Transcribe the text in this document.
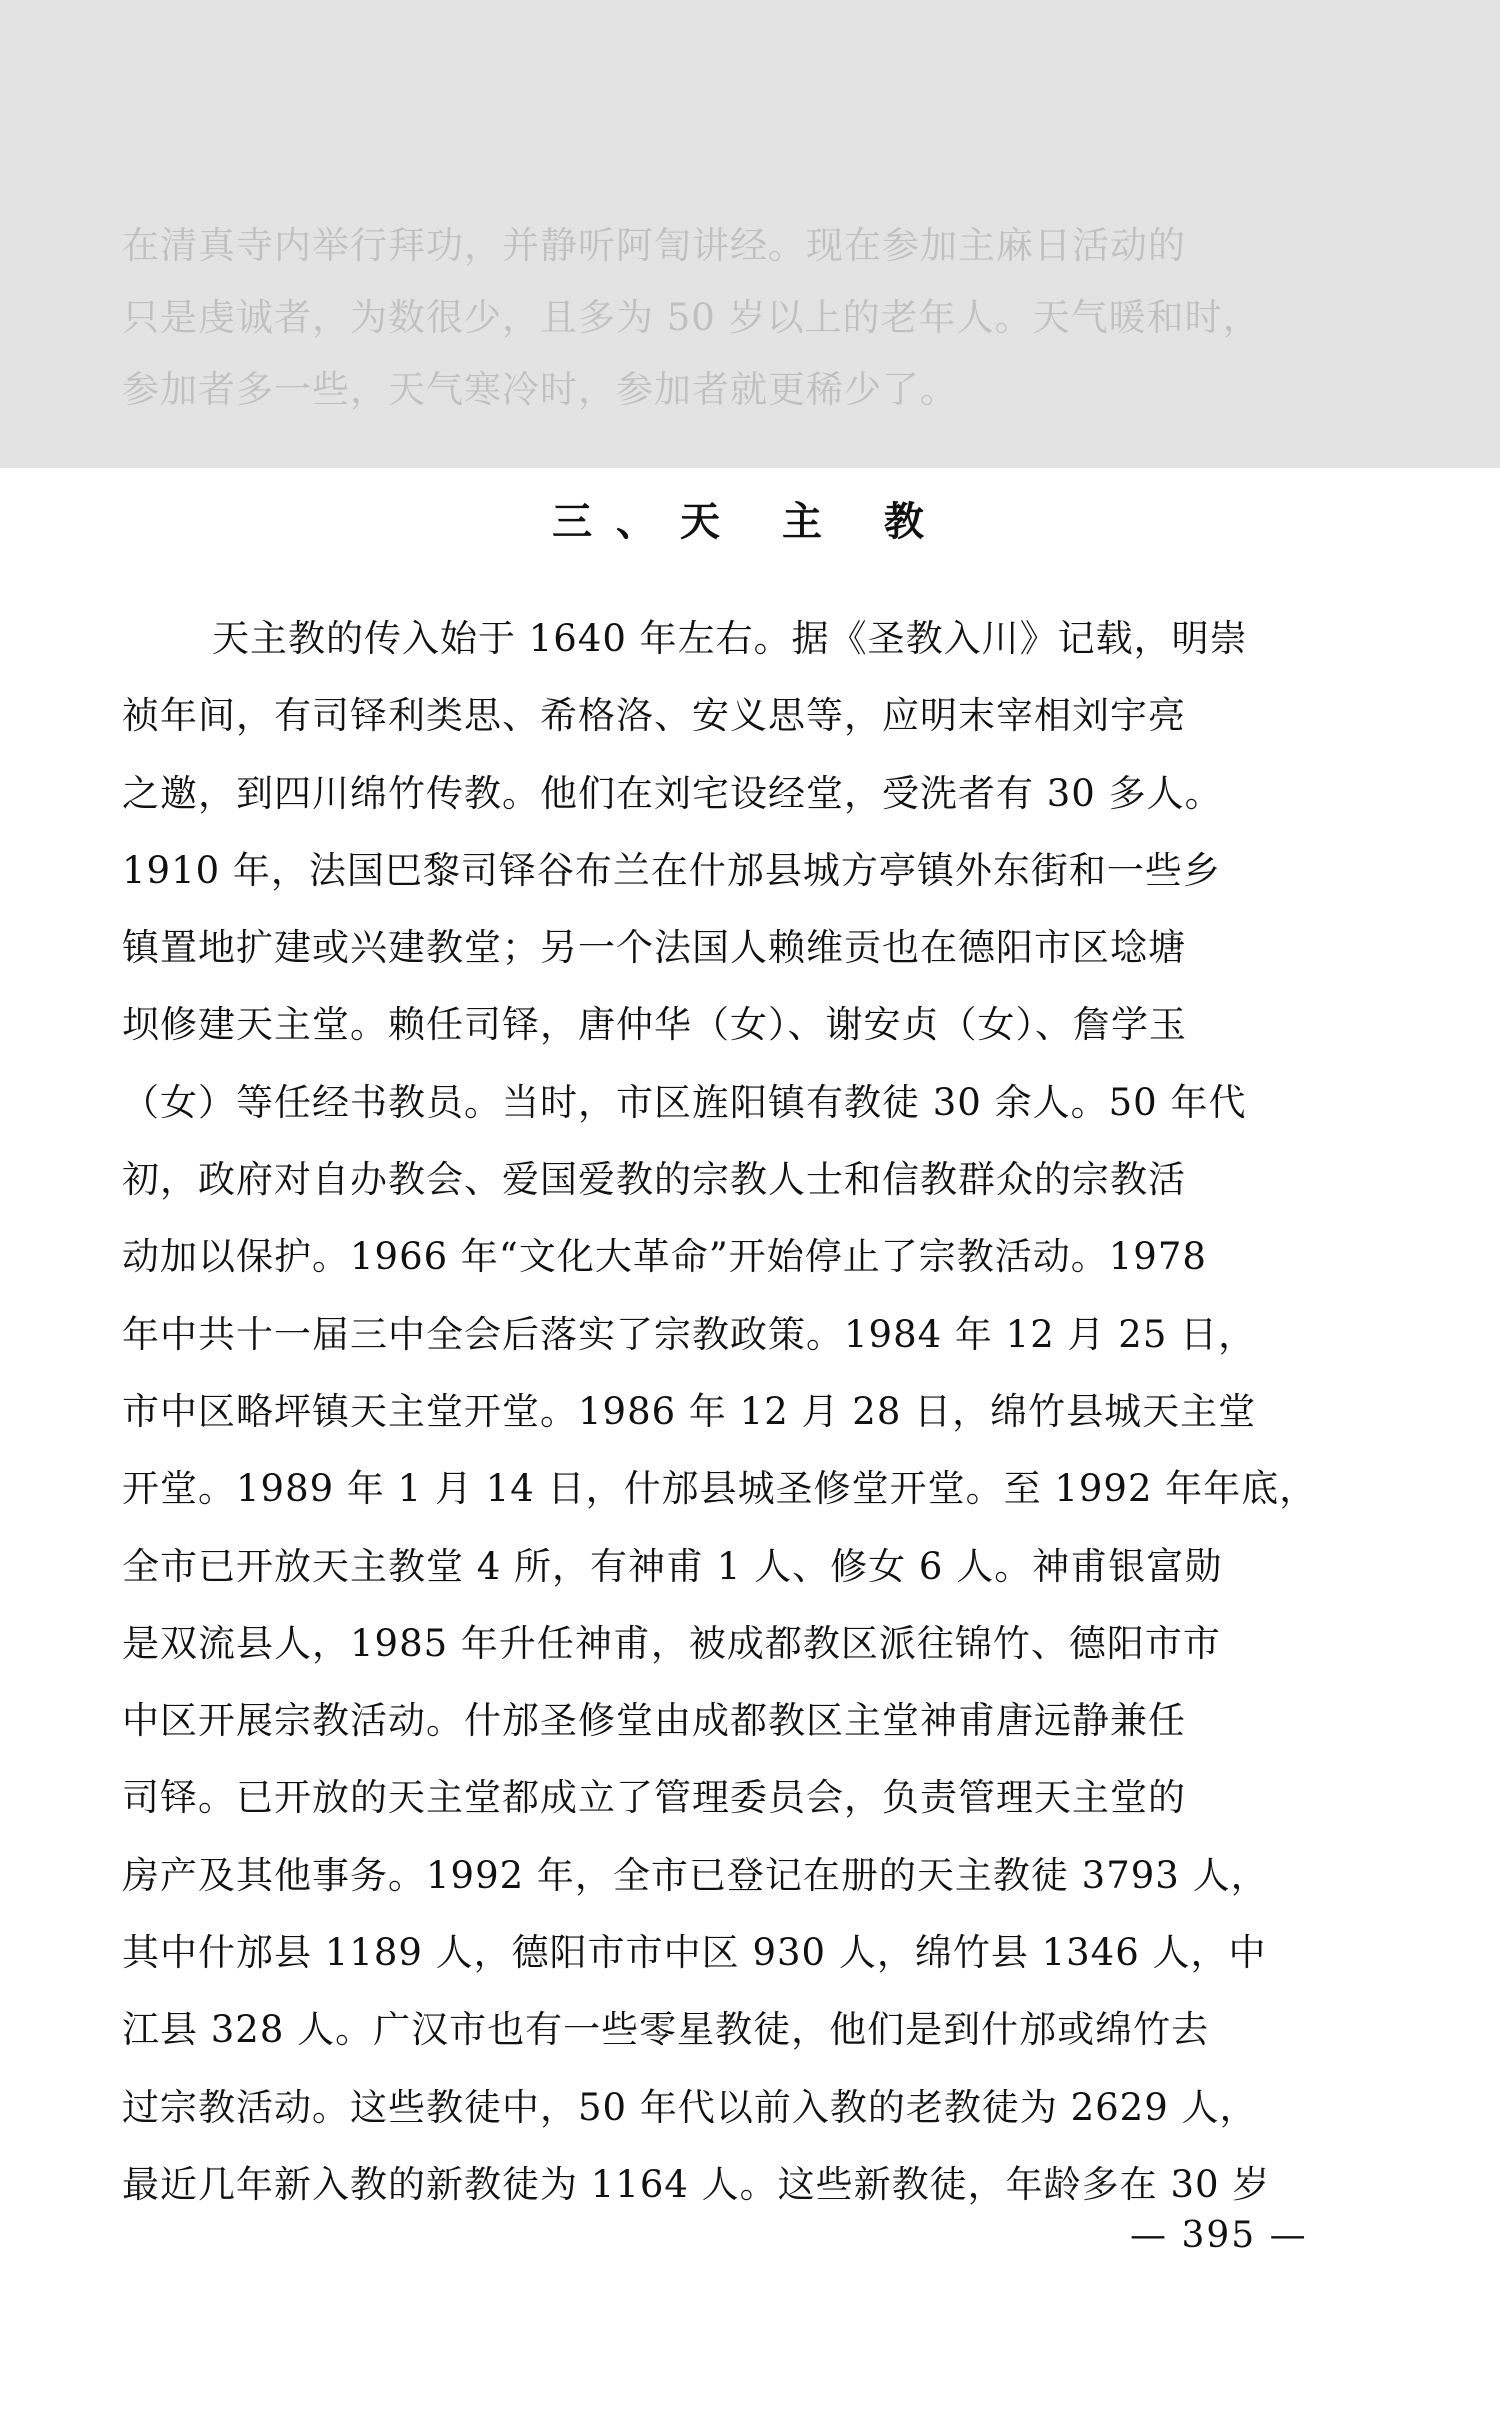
在清真寺内举行拜功，并静听阿訇讲经。现在参加主麻日活动的
只是虔诚者，为数很少，且多为 50 岁以上的老年人。天气暖和时，
参加者多一些，天气寒冷时，参加者就更稀少了。
三、天 主 教
天主教的传入始于 1640 年左右。据《圣教入川》记载，明崇
祯年间，有司铎利类思、希格洛、安义思等，应明末宰相刘宇亮
之邀，到四川绵竹传教。他们在刘宅设经堂，受洗者有 30 多人。
1910 年，法国巴黎司铎谷布兰在什邡县城方亭镇外东街和一些乡
镇置地扩建或兴建教堂；另一个法国人赖维贡也在德阳市区埝塘
坝修建天主堂。赖任司铎，唐仲华（女）、谢安贞（女）、詹学玉
（女）等任经书教员。当时，市区旌阳镇有教徒 30 余人。50 年代
初，政府对自办教会、爱国爱教的宗教人士和信教群众的宗教活
动加以保护。1966 年“文化大革命”开始停止了宗教活动。1978
年中共十一届三中全会后落实了宗教政策。1984 年 12 月 25 日，
市中区略坪镇天主堂开堂。1986 年 12 月 28 日，绵竹县城天主堂
开堂。1989 年 1 月 14 日，什邡县城圣修堂开堂。至 1992 年年底，
全市已开放天主教堂 4 所，有神甫 1 人、修女 6 人。神甫银富勋
是双流县人，1985 年升任神甫，被成都教区派往锦竹、德阳市市
中区开展宗教活动。什邡圣修堂由成都教区主堂神甫唐远静兼任
司铎。已开放的天主堂都成立了管理委员会，负责管理天主堂的
房产及其他事务。1992 年，全市已登记在册的天主教徒 3793 人，
其中什邡县 1189 人，德阳市市中区 930 人，绵竹县 1346 人，中
江县 328 人。广汉市也有一些零星教徒，他们是到什邡或绵竹去
过宗教活动。这些教徒中，50 年代以前入教的老教徒为 2629 人，
最近几年新入教的新教徒为 1164 人。这些新教徒，年龄多在 30 岁
— 395 —
